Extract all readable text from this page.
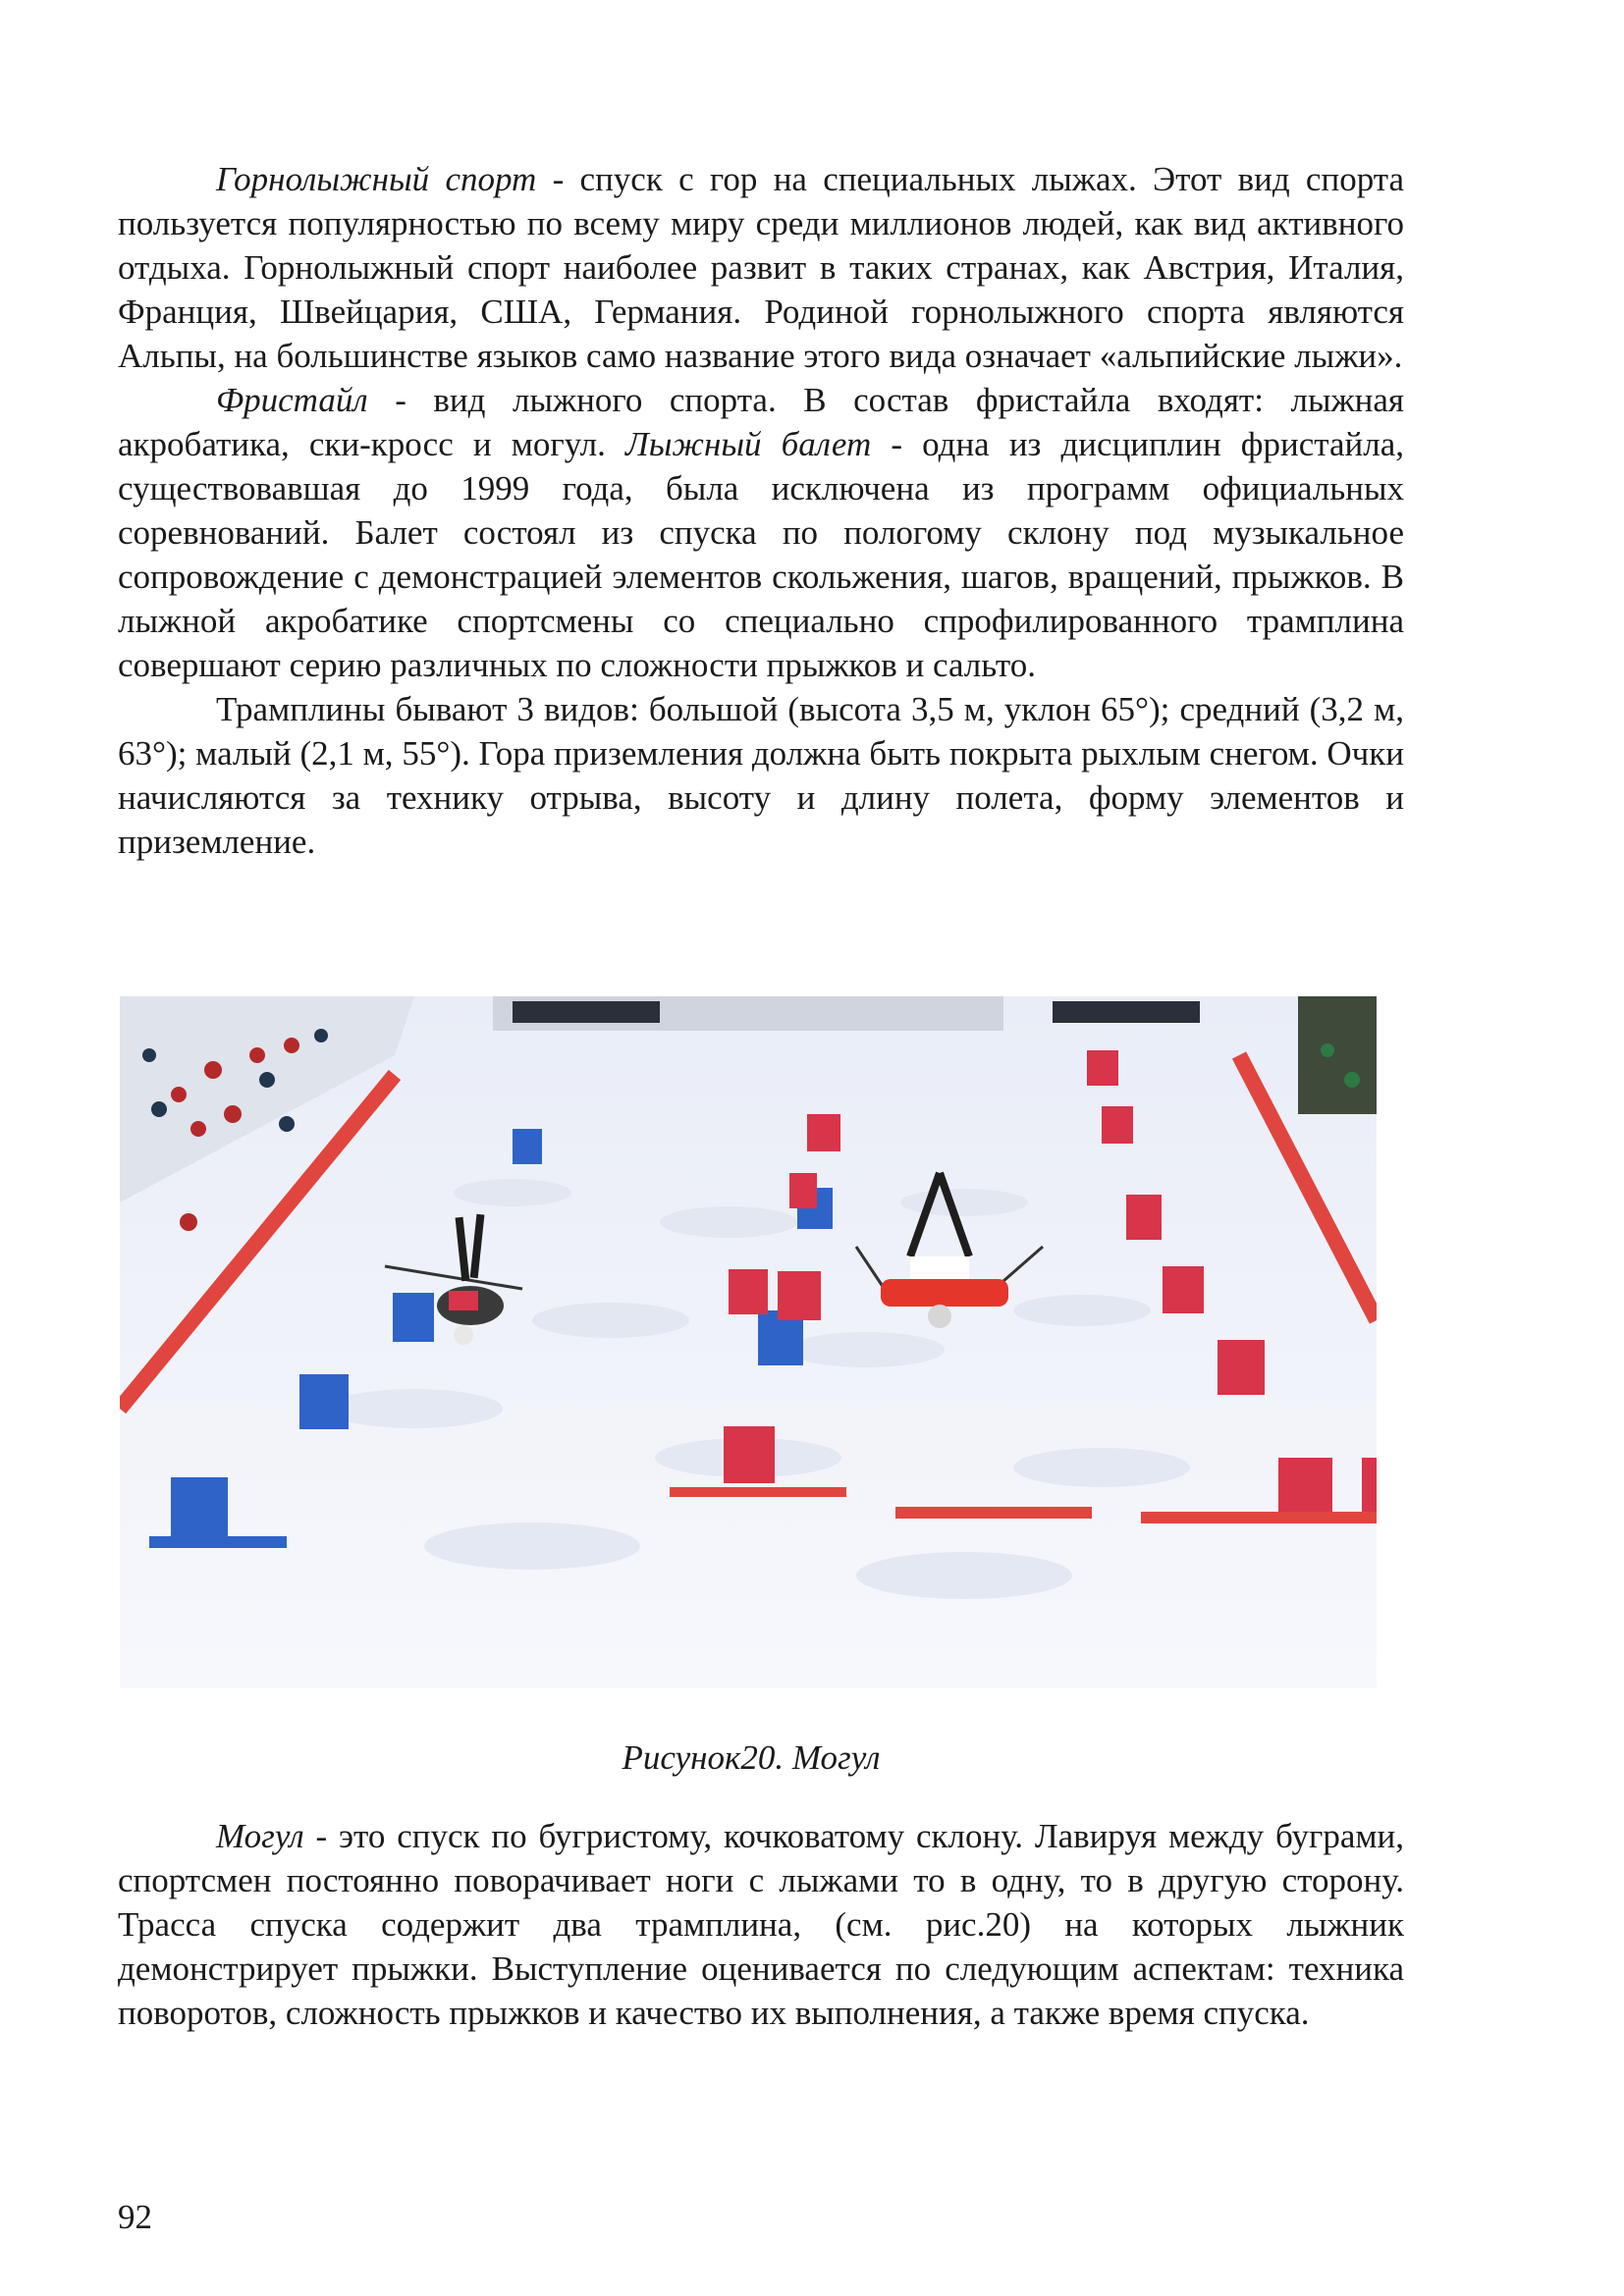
Горнолыжный спорт - спуск с гор на специальных лыжах. Этот вид спорта пользуется популярностью по всему миру среди миллионов людей, как вид активного отдыха. Горнолыжный спорт наиболее развит в таких странах, как Австрия, Италия, Франция, Швейцария, США, Германия. Родиной горнолыжного спорта являются Альпы, на большинстве языков само название этого вида означает «альпийские лыжи».

Фристайл - вид лыжного спорта. В состав фристайла входят: лыжная акробатика, ски-кросс и могул. Лыжный балет - одна из дисциплин фристайла, существовавшая до 1999 года, была исключена из программ официальных соревнований. Балет состоял из спуска по пологому склону под музыкальное сопровождение с демонстрацией элементов скольжения, шагов, вращений, прыжков. В лыжной акробатике спортсмены со специально спрофилированного трамплина совершают серию различных по сложности прыжков и сальто.

Трамплины бывают 3 видов: большой (высота 3,5 м, уклон 65°); средний (3,2 м, 63°); малый (2,1 м, 55°). Гора приземления должна быть покрыта рыхлым снегом. Очки начисляются за технику отрыва, высоту и длину полета, форму элементов и приземление.

Рисунок20. Могул

Могул - это спуск по бугристому, кочковатому склону. Лавируя между буграми, спортсмен постоянно поворачивает ноги с лыжами то в одну, то в другую сторону. Трасса спуска содержит два трамплина, (см. рис.20) на которых лыжник демонстрирует прыжки. Выступление оценивается по следующим аспектам: техника поворотов, сложность прыжков и качество их выполнения, а также время спуска.

92
